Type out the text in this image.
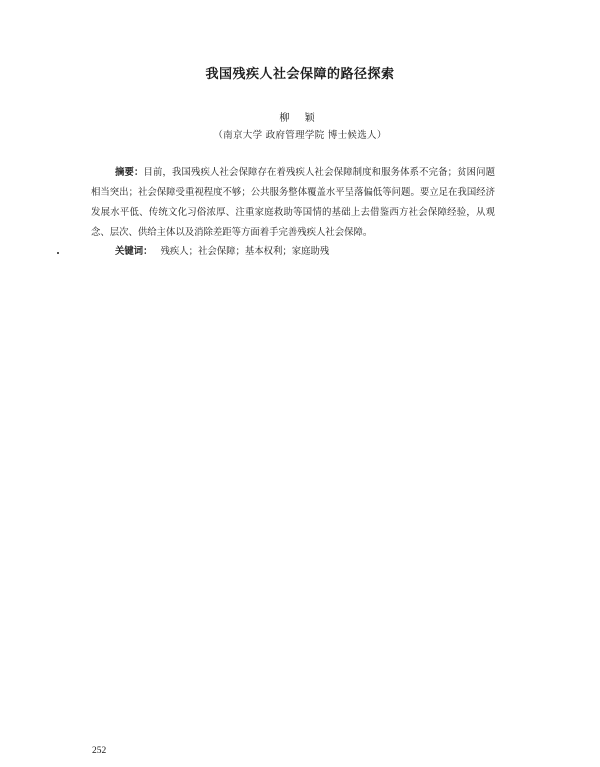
我国残疾人社会保障的路径探索
柳 颖
（南京大学 政府管理学院 博士候选人）
摘要：目前，我国残疾人社会保障存在着残疾人社会保障制度和服务体系不完备；贫困问题相当突出；社会保障受重视程度不够；公共服务整体覆盖水平呈落偏低等问题。要立足在我国经济发展水平低、传统文化习俗浓厚、注重家庭救助等国情的基础上去借鉴西方社会保障经验，从观念、层次、供给主体以及消除差距等方面着手完善残疾人社会保障。
关键词： 残疾人；社会保障；基本权利；家庭助残
252
